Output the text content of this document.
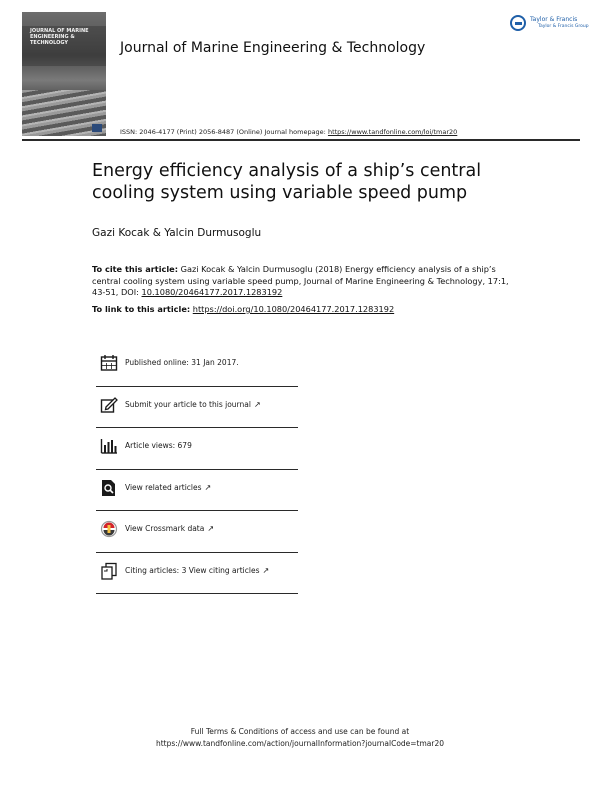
JOURNAL OF MARINE ENGINEERING & TECHNOLOGY	Journal of Marine Engineering & Technology
Taylor & Francis
Taylor & Francis Group
ISSN: 2046-4177 (Print) 2056-8487 (Online) Journal homepage: https://www.tandfonline.com/loi/tmar20
Energy efficiency analysis of a ship’s central cooling system using variable speed pump
Gazi Kocak & Yalcin Durmusoglu
To cite this article: Gazi Kocak & Yalcin Durmusoglu (2018) Energy efficiency analysis of a ship’s central cooling system using variable speed pump, Journal of Marine Engineering & Technology, 17:1, 43-51, DOI: 10.1080/20464177.2017.1283192
To link to this article: https://doi.org/10.1080/20464177.2017.1283192
Published online: 31 Jan 2017.
Submit your article to this journal ↗
Article views: 679
View related articles ↗
View Crossmark data ↗
Citing articles: 3 View citing articles ↗
Full Terms & Conditions of access and use can be found at
https://www.tandfonline.com/action/journalInformation?journalCode=tmar20
